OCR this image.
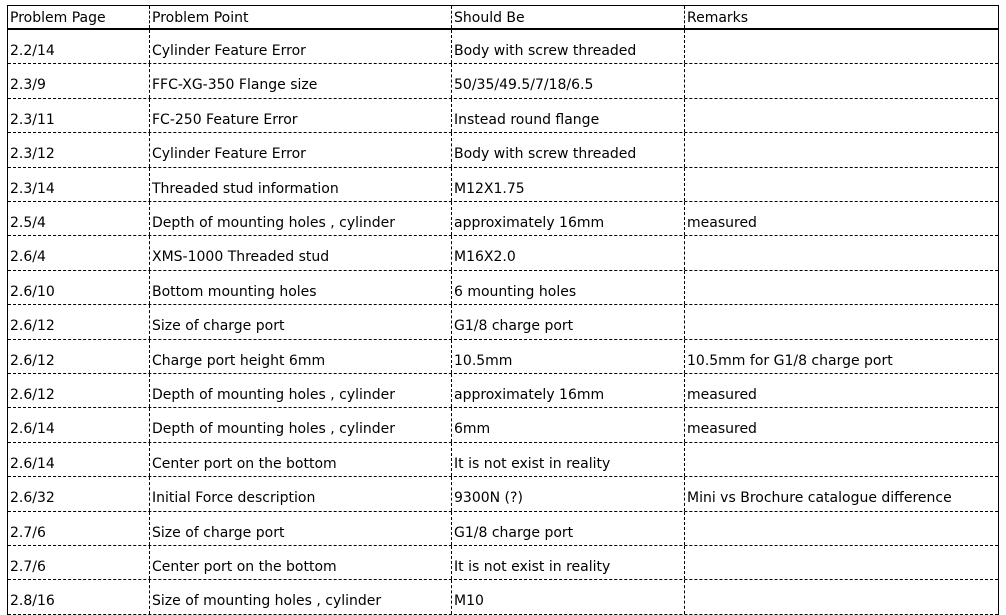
Problem Page	Problem Point	Should Be	Remarks
2.2/14	Cylinder Feature Error	Body with screw threaded
2.3/9	FFC-XG-350 Flange size	50/35/49.5/7/18/6.5
2.3/11	FC-250 Feature Error	Instead round flange
2.3/12	Cylinder Feature Error	Body with screw threaded
2.3/14	Threaded stud information	M12X1.75
2.5/4	Depth of mounting holes , cylinder	approximately 16mm	measured
2.6/4	XMS-1000 Threaded stud	M16X2.0
2.6/10	Bottom mounting holes	6 mounting holes
2.6/12	Size of charge port	G1/8 charge port
2.6/12	Charge port height 6mm	10.5mm	10.5mm for G1/8 charge port
2.6/12	Depth of mounting holes , cylinder	approximately 16mm	measured
2.6/14	Depth of mounting holes , cylinder	6mm	measured
2.6/14	Center port on the bottom	It is not exist in reality
2.6/32	Initial Force description	9300N (?)	Mini vs Brochure catalogue difference
2.7/6	Size of charge port	G1/8 charge port
2.7/6	Center port on the bottom	It is not exist in reality
2.8/16	Size of mounting holes , cylinder	M10
